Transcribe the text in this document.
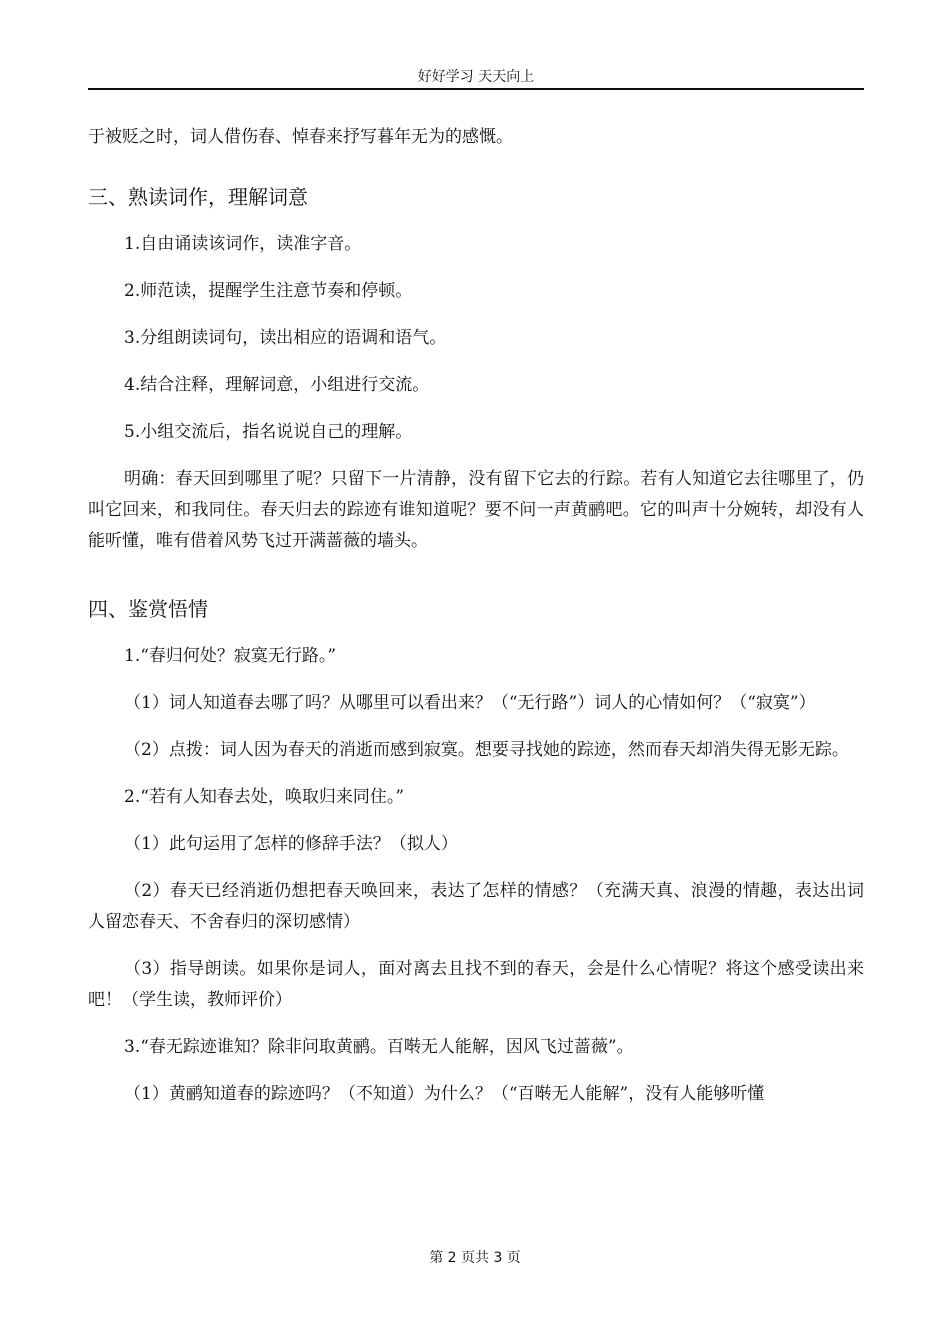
好好学习 天天向上

于被贬之时，词人借伤春、悼春来抒写暮年无为的感慨。

三、熟读词作，理解词意

1.自由诵读该词作，读准字音。

2.师范读，提醒学生注意节奏和停顿。

3.分组朗读词句，读出相应的语调和语气。

4.结合注释，理解词意，小组进行交流。

5.小组交流后，指名说说自己的理解。

明确：春天回到哪里了呢？只留下一片清静，没有留下它去的行踪。若有人知道它去往哪里了，仍叫它回来，和我同住。春天归去的踪迹有谁知道呢？要不问一声黄鹂吧。它的叫声十分婉转，却没有人能听懂，唯有借着风势飞过开满蔷薇的墙头。

四、鉴赏悟情

1.“春归何处？寂寞无行路。”

（1）词人知道春去哪了吗？从哪里可以看出来？（“无行路”）词人的心情如何？（“寂寞”）

（2）点拨：词人因为春天的消逝而感到寂寞。想要寻找她的踪迹，然而春天却消失得无影无踪。

2.“若有人知春去处，唤取归来同住。”

（1）此句运用了怎样的修辞手法？（拟人）

（2）春天已经消逝仍想把春天唤回来，表达了怎样的情感？（充满天真、浪漫的情趣，表达出词人留恋春天、不舍春归的深切感情）

（3）指导朗读。如果你是词人，面对离去且找不到的春天，会是什么心情呢？将这个感受读出来吧！（学生读，教师评价）

3.“春无踪迹谁知？除非问取黄鹂。百啭无人能解，因风飞过蔷薇”。

（1）黄鹂知道春的踪迹吗？（不知道）为什么？（“百啭无人能解”，没有人能够听懂

第 2 页共 3 页
